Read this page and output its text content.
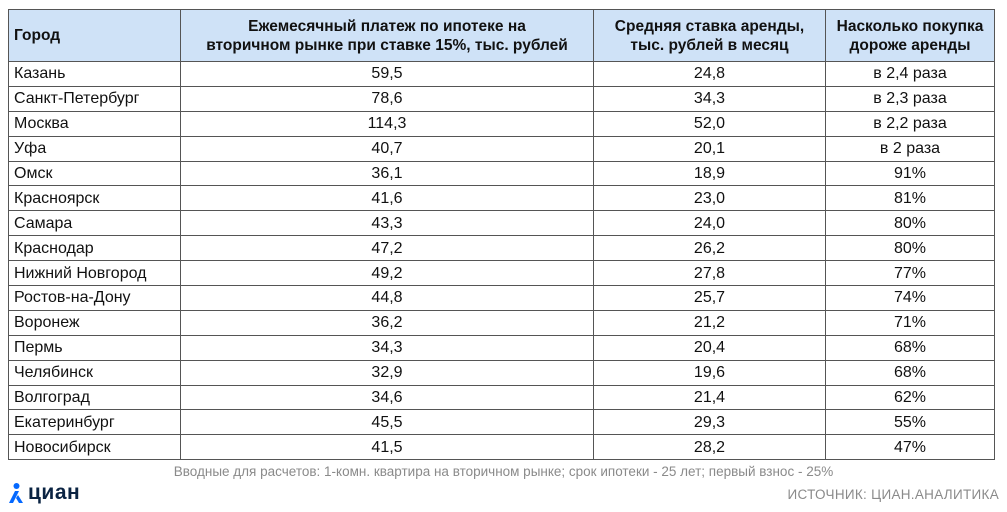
Город	Ежемесячный платеж по ипотеке на
вторичном рынке при ставке 15%, тыс. рублей	Средняя ставка аренды,
тыс. рублей в месяц	Насколько покупка
дороже аренды
Казань	59,5	24,8	в 2,4 раза
Санкт-Петербург	78,6	34,3	в 2,3 раза
Москва	114,3	52,0	в 2,2 раза
Уфа	40,7	20,1	в 2 раза
Омск	36,1	18,9	91%
Красноярск	41,6	23,0	81%
Самара	43,3	24,0	80%
Краснодар	47,2	26,2	80%
Нижний Новгород	49,2	27,8	77%
Ростов-на-Дону	44,8	25,7	74%
Воронеж	36,2	21,2	71%
Пермь	34,3	20,4	68%
Челябинск	32,9	19,6	68%
Волгоград	34,6	21,4	62%
Екатеринбург	45,5	29,3	55%
Новосибирск	41,5	28,2	47%
Вводные для расчетов: 1-комн. квартира на вторичном рынке; срок ипотеки - 25 лет; первый взнос - 25%
циан	ИСТОЧНИК: ЦИАН.АНАЛИТИКА
